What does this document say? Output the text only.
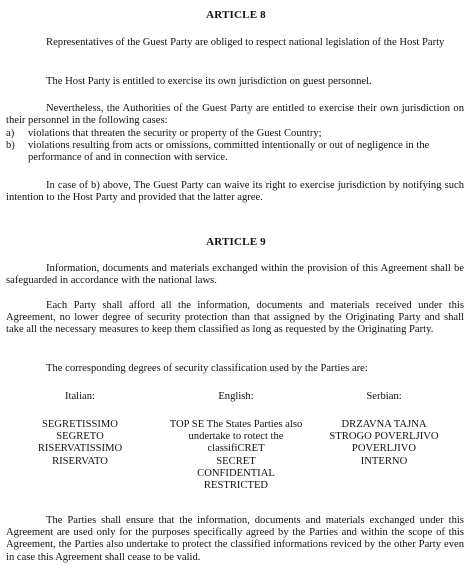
ARTICLE 8
Representatives of the Guest Party are obliged to respect national legislation of the Host Party
The Host Party is entitled to exercise its own jurisdiction on guest personnel.
Nevertheless, the Authorities of the Guest Party are entitled to exercise their own jurisdiction on their personnel in the following cases:
a) violations that threaten the security or property of the Guest Country;
b) violations resulting from acts or omissions, committed intentionally or out of negligence in the performance of and in connection with service.
In case of b) above, The Guest Party can waive its right to exercise jurisdiction by notifying such intention to the Host Party and provided that the latter agree.
ARTICLE 9
Information, documents and materials exchanged within the provision of this Agreement shall be safeguarded in accordance with the national laws.
Each Party shall afford all the information, documents and materials received under this Agreement, no lower degree of security protection than that assigned by the Originating Party and shall take all the necessary measures to keep them classified as long as requested by the Originating Party.
The corresponding degrees of security classification used by the Parties are:
Italian:	English:	Serbian:
SEGRETISSIMO
SEGRETO
RISERVATISSIMO
RISERVATO
TOP SE The States Parties also
undertake to rotect the
classifiCRET
SECRET
CONFIDENTIAL
RESTRICTED
DRZAVNA TAJNA
STROGO POVERLJIVO
POVERLJIVO
INTERNO
The Parties shall ensure that the information, documents and materials exchanged under this Agreement are used only for the purposes specifically agreed by the Parties and within the scope of this Agreement, the Parties also undertake to protect the classified informations reviced by the other Party even in case this Agreement shall cease to be valid.
